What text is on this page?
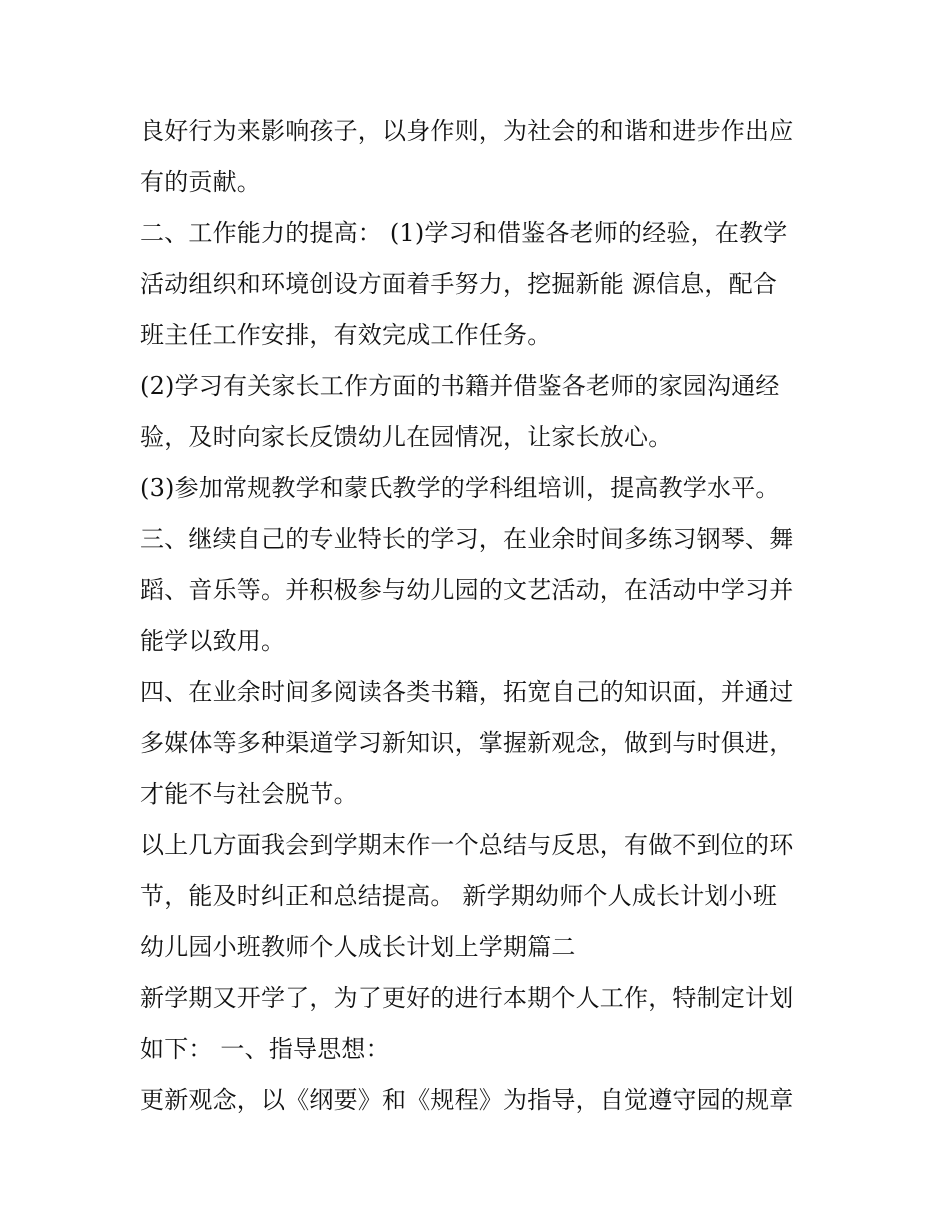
良好行为来影响孩子，以身作则，为社会的和谐和进步作出应
有的贡献。
二、工作能力的提高： (1)学习和借鉴各老师的经验，在教学
活动组织和环境创设方面着手努力，挖掘新能 源信息，配合
班主任工作安排，有效完成工作任务。
(2)学习有关家长工作方面的书籍并借鉴各老师的家园沟通经
验，及时向家长反馈幼儿在园情况，让家长放心。
(3)参加常规教学和蒙氏教学的学科组培训，提高教学水平。
三、继续自己的专业特长的学习，在业余时间多练习钢琴、舞
蹈、音乐等。并积极参与幼儿园的文艺活动，在活动中学习并
能学以致用。
四、在业余时间多阅读各类书籍，拓宽自己的知识面，并通过
多媒体等多种渠道学习新知识，掌握新观念，做到与时俱进，
才能不与社会脱节。
以上几方面我会到学期末作一个总结与反思，有做不到位的环
节，能及时纠正和总结提高。 新学期幼师个人成长计划小班
幼儿园小班教师个人成长计划上学期篇二
新学期又开学了，为了更好的进行本期个人工作，特制定计划
如下： 一、指导思想：
更新观念，以《纲要》和《规程》为指导，自觉遵守园的规章
